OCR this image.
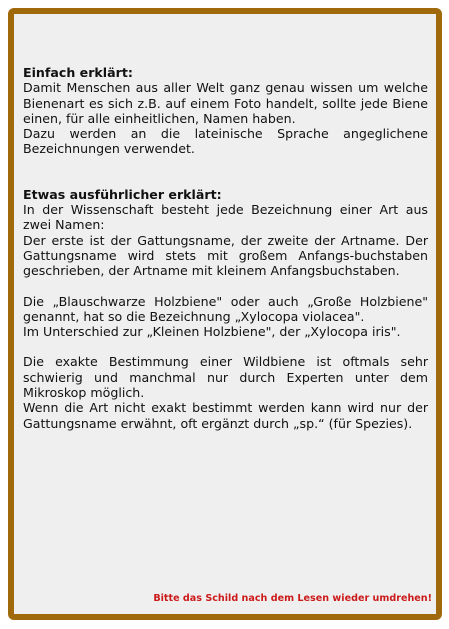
Einfach erklärt:

Damit Menschen aus aller Welt ganz genau wissen um welche Bienenart es sich z.B. auf einem Foto handelt, sollte jede Biene einen, für alle einheitlichen, Namen haben.

Dazu werden an die lateinische Sprache angeglichene Bezeichnungen verwendet.

Etwas ausführlicher erklärt:

In der Wissenschaft besteht jede Bezeichnung einer Art aus zwei Namen:

Der erste ist der Gattungsname, der zweite der Artname. Der Gattungsname wird stets mit großem Anfangs-buchstaben geschrieben, der Artname mit kleinem Anfangsbuchstaben.

Die „Blauschwarze Holzbiene" oder auch „Große Holzbiene" genannt, hat so die Bezeichnung „Xylocopa violacea".

Im Unterschied zur „Kleinen Holzbiene", der „Xylocopa iris".

Die exakte Bestimmung einer Wildbiene ist oftmals sehr schwierig und manchmal nur durch Experten unter dem Mikroskop möglich.

Wenn die Art nicht exakt bestimmt werden kann wird nur der Gattungsname erwähnt, oft ergänzt durch „sp.“ (für Spezies).

Bitte das Schild nach dem Lesen wieder umdrehen!
